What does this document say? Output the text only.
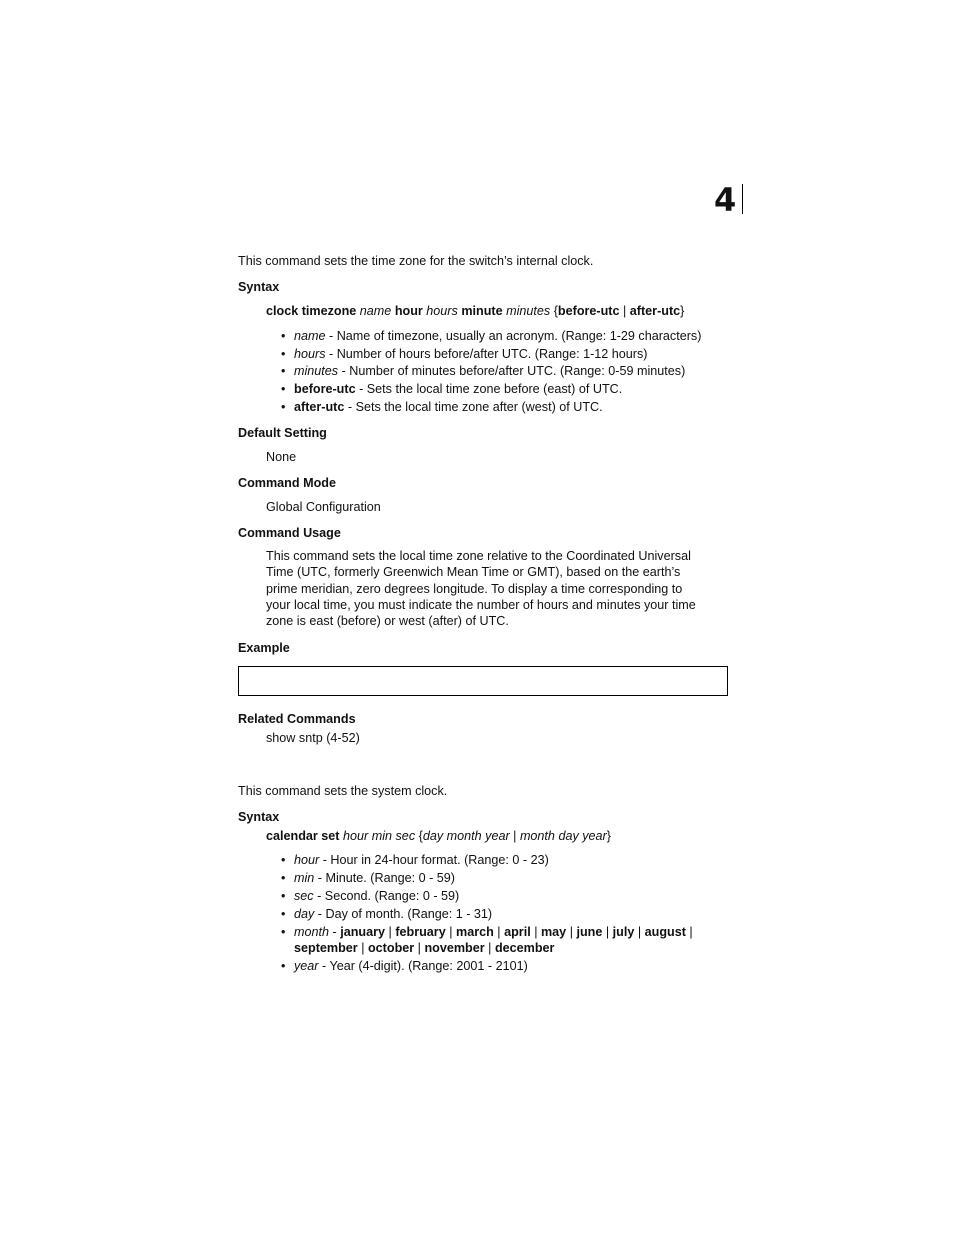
4
This command sets the time zone for the switch’s internal clock.
Syntax
clock timezone name hour hours minute minutes {before-utc | after-utc}
• name - Name of timezone, usually an acronym. (Range: 1-29 characters)
• hours - Number of hours before/after UTC. (Range: 1-12 hours)
• minutes - Number of minutes before/after UTC. (Range: 0-59 minutes)
• before-utc - Sets the local time zone before (east) of UTC.
• after-utc - Sets the local time zone after (west) of UTC.
Default Setting
None
Command Mode
Global Configuration
Command Usage
This command sets the local time zone relative to the Coordinated Universal
Time (UTC, formerly Greenwich Mean Time or GMT), based on the earth’s
prime meridian, zero degrees longitude. To display a time corresponding to
your local time, you must indicate the number of hours and minutes your time
zone is east (before) or west (after) of UTC.
Example
Related Commands
show sntp (4-52)
This command sets the system clock.
Syntax
calendar set hour min sec {day month year | month day year}
• hour - Hour in 24-hour format. (Range: 0 - 23)
• min - Minute. (Range: 0 - 59)
• sec - Second. (Range: 0 - 59)
• day - Day of month. (Range: 1 - 31)
• month - january | february | march | april | may | june | july | august |
september | october | november | december
• year - Year (4-digit). (Range: 2001 - 2101)
